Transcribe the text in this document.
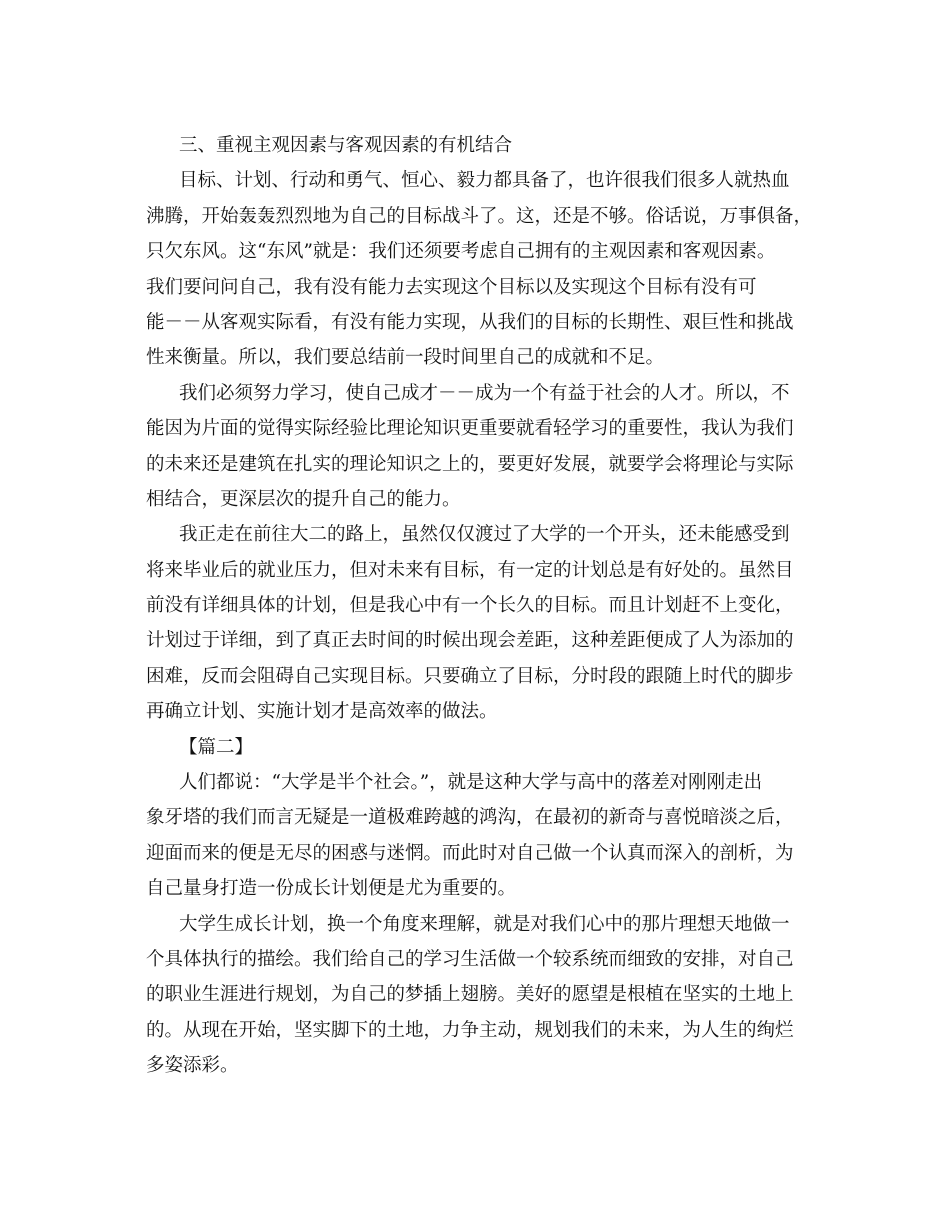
三、重视主观因素与客观因素的有机结合
目标、计划、行动和勇气、恒心、毅力都具备了，也许很我们很多人就热血
沸腾，开始轰轰烈烈地为自己的目标战斗了。这，还是不够。俗话说，万事俱备，
只欠东风。这“东风”就是：我们还须要考虑自己拥有的主观因素和客观因素。
我们要问问自己，我有没有能力去实现这个目标以及实现这个目标有没有可
能－－从客观实际看，有没有能力实现，从我们的目标的长期性、艰巨性和挑战
性来衡量。所以，我们要总结前一段时间里自己的成就和不足。
我们必须努力学习，使自己成才－－成为一个有益于社会的人才。所以，不
能因为片面的觉得实际经验比理论知识更重要就看轻学习的重要性，我认为我们
的未来还是建筑在扎实的理论知识之上的，要更好发展，就要学会将理论与实际
相结合，更深层次的提升自己的能力。
我正走在前往大二的路上，虽然仅仅渡过了大学的一个开头，还未能感受到
将来毕业后的就业压力，但对未来有目标，有一定的计划总是有好处的。虽然目
前没有详细具体的计划，但是我心中有一个长久的目标。而且计划赶不上变化，
计划过于详细，到了真正去时间的时候出现会差距，这种差距便成了人为添加的
困难，反而会阻碍自己实现目标。只要确立了目标，分时段的跟随上时代的脚步
再确立计划、实施计划才是高效率的做法。
【篇二】
人们都说：“大学是半个社会。”，就是这种大学与高中的落差对刚刚走出
象牙塔的我们而言无疑是一道极难跨越的鸿沟，在最初的新奇与喜悦暗淡之后，
迎面而来的便是无尽的困惑与迷惘。而此时对自己做一个认真而深入的剖析，为
自己量身打造一份成长计划便是尤为重要的。
大学生成长计划，换一个角度来理解，就是对我们心中的那片理想天地做一
个具体执行的描绘。我们给自己的学习生活做一个较系统而细致的安排，对自己
的职业生涯进行规划，为自己的梦插上翅膀。美好的愿望是根植在坚实的土地上
的。从现在开始，坚实脚下的土地，力争主动，规划我们的未来，为人生的绚烂
多姿添彩。
